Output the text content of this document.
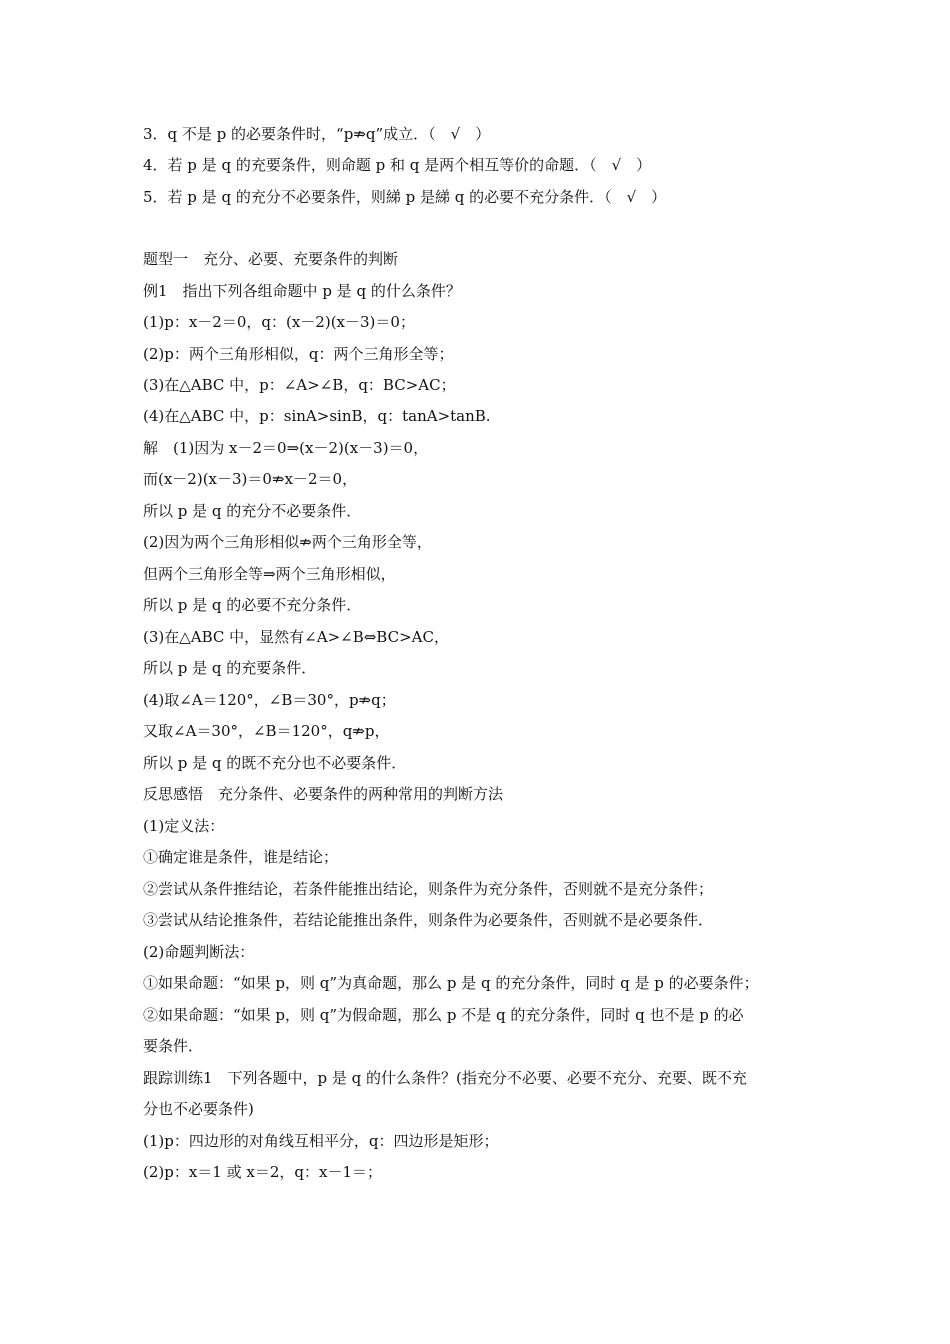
3．q 不是 p 的必要条件时，“p⇏q”成立．（　√　）
4．若 p 是 q 的充要条件，则命题 p 和 q 是两个相互等价的命题．（　√　）
5．若 p 是 q 的充分不必要条件，则綈 p 是綈 q 的必要不充分条件．（　√　）
题型一　充分、必要、充要条件的判断
例1　指出下列各组命题中 p 是 q 的什么条件？
(1)p：x－2＝0，q：(x－2)(x－3)＝0；
(2)p：两个三角形相似，q：两个三角形全等；
(3)在△ABC 中，p：∠A>∠B，q：BC>AC；
(4)在△ABC 中，p：sinA>sinB，q：tanA>tanB.
解　(1)因为 x－2＝0⇒(x－2)(x－3)＝0，
而(x－2)(x－3)＝0⇏x－2＝0，
所以 p 是 q 的充分不必要条件．
(2)因为两个三角形相似⇏两个三角形全等，
但两个三角形全等⇒两个三角形相似，
所以 p 是 q 的必要不充分条件．
(3)在△ABC 中，显然有∠A>∠B⇔BC>AC，
所以 p 是 q 的充要条件．
(4)取∠A＝120°，∠B＝30°，p⇏q；
又取∠A＝30°，∠B＝120°，q⇏p，
所以 p 是 q 的既不充分也不必要条件．
反思感悟　充分条件、必要条件的两种常用的判断方法
(1)定义法：
①确定谁是条件，谁是结论；
②尝试从条件推结论，若条件能推出结论，则条件为充分条件，否则就不是充分条件；
③尝试从结论推条件，若结论能推出条件，则条件为必要条件，否则就不是必要条件．
(2)命题判断法：
①如果命题：“如果 p，则 q”为真命题，那么 p 是 q 的充分条件，同时 q 是 p 的必要条件；
②如果命题：“如果 p，则 q”为假命题，那么 p 不是 q 的充分条件，同时 q 也不是 p 的必
要条件．
跟踪训练1　下列各题中，p 是 q 的什么条件？(指充分不必要、必要不充分、充要、既不充
分也不必要条件)
(1)p：四边形的对角线互相平分，q：四边形是矩形；
(2)p：x＝1 或 x＝2，q：x－1＝；
